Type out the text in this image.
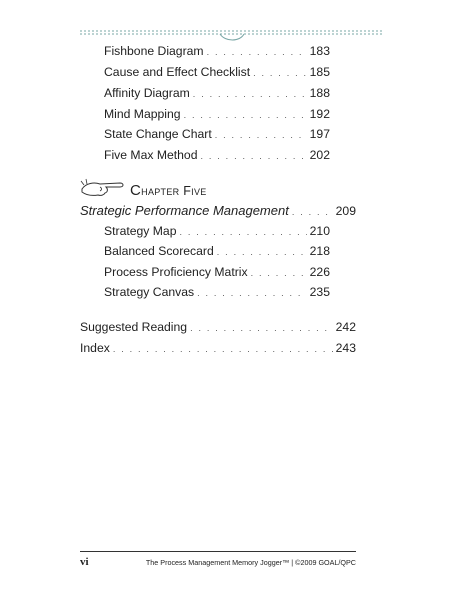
Fishbone Diagram . . .	183
Cause and Effect Checklist . . .	185
Affinity Diagram . . .	188
Mind Mapping . . .	192
State Change Chart . . .	197
Five Max Method . . .	202
Chapter Five
Strategic Performance Management . . .	209
Strategy Map . . .	210
Balanced Scorecard . . .	218
Process Proficiency Matrix . . .	226
Strategy Canvas . . .	235
Suggested Reading . . .	242
Index . . .	243
vi	The Process Management Memory Jogger™ | ©2009 GOAL/QPC
